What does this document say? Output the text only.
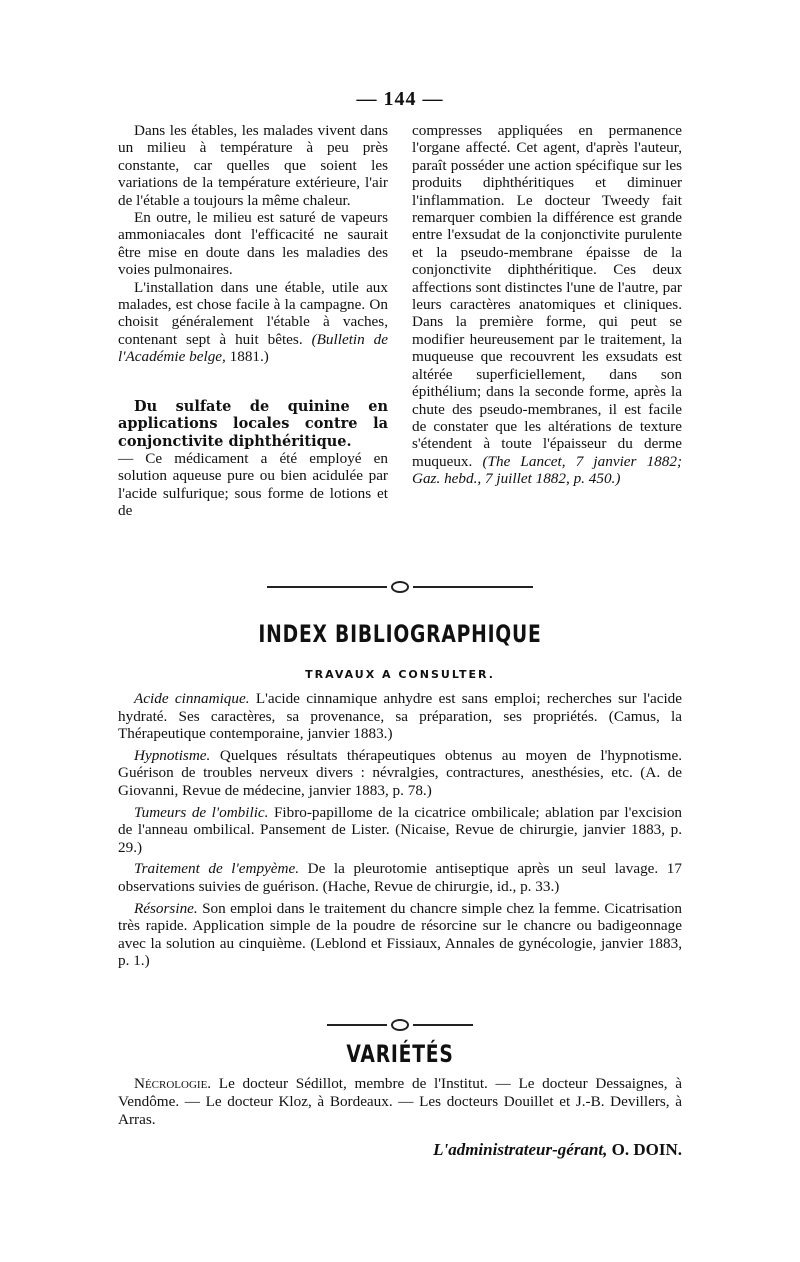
— 144 —

Dans les étables, les malades vivent dans un milieu à température à peu près constante, car quelles que soient les variations de la température extérieure, l'air de l'étable a toujours la même chaleur.

En outre, le milieu est saturé de vapeurs ammoniacales dont l'efficacité ne saurait être mise en doute dans les maladies des voies pulmonaires.

L'installation dans une étable, utile aux malades, est chose facile à la campagne. On choisit généralement l'étable à vaches, contenant sept à huit bêtes. (Bulletin de l'Académie belge, 1881.)

Du sulfate de quinine en applications locales contre la conjonctivite diphthéritique.
— Ce médicament a été employé en solution aqueuse pure ou bien acidulée par l'acide sulfurique; sous forme de lotions et de

compresses appliquées en permanence l'organe affecté. Cet agent, d'après l'auteur, paraît posséder une action spécifique sur les produits diphthéritiques et diminuer l'inflammation. Le docteur Tweedy fait remarquer combien la différence est grande entre l'exsudat de la conjonctivite purulente et la pseudo-membrane épaisse de la conjonctivite diphthéritique. Ces deux affections sont distinctes l'une de l'autre, par leurs caractères anatomiques et cliniques. Dans la première forme, qui peut se modifier heureusement par le traitement, la muqueuse que recouvrent les exsudats est altérée superficiellement, dans son épithélium; dans la seconde forme, après la chute des pseudo-membranes, il est facile de constater que les altérations de texture s'étendent à toute l'épaisseur du derme muqueux. (The Lancet, 7 janvier 1882; Gaz. hebd., 7 juillet 1882, p. 450.)

INDEX BIBLIOGRAPHIQUE
TRAVAUX A CONSULTER.

Acide cinnamique. L'acide cinnamique anhydre est sans emploi; recherches sur l'acide hydraté. Ses caractères, sa provenance, sa préparation, ses propriétés. (Camus, la Thérapeutique contemporaine, janvier 1883.)

Hypnotisme. Quelques résultats thérapeutiques obtenus au moyen de l'hypnotisme. Guérison de troubles nerveux divers : névralgies, contractures, anesthésies, etc. (A. de Giovanni, Revue de médecine, janvier 1883, p. 78.)

Tumeurs de l'ombilic. Fibro-papillome de la cicatrice ombilicale; ablation par l'excision de l'anneau ombilical. Pansement de Lister. (Nicaise, Revue de chirurgie, janvier 1883, p. 29.)

Traitement de l'empyème. De la pleurotomie antiseptique après un seul lavage. 17 observations suivies de guérison. (Hache, Revue de chirurgie, id., p. 33.)

Résorsine. Son emploi dans le traitement du chancre simple chez la femme. Cicatrisation très rapide. Application simple de la poudre de résorcine sur le chancre ou badigeonnage avec la solution au cinquième. (Leblond et Fissiaux, Annales de gynécologie, janvier 1883, p. 1.)

VARIÉTÉS

Nécrologie. Le docteur Sédillot, membre de l'Institut. — Le docteur Dessaignes, à Vendôme. — Le docteur Kloz, à Bordeaux. — Les docteurs Douillet et J.-B. Devillers, à Arras.

L'administrateur-gérant, O. DOIN.
